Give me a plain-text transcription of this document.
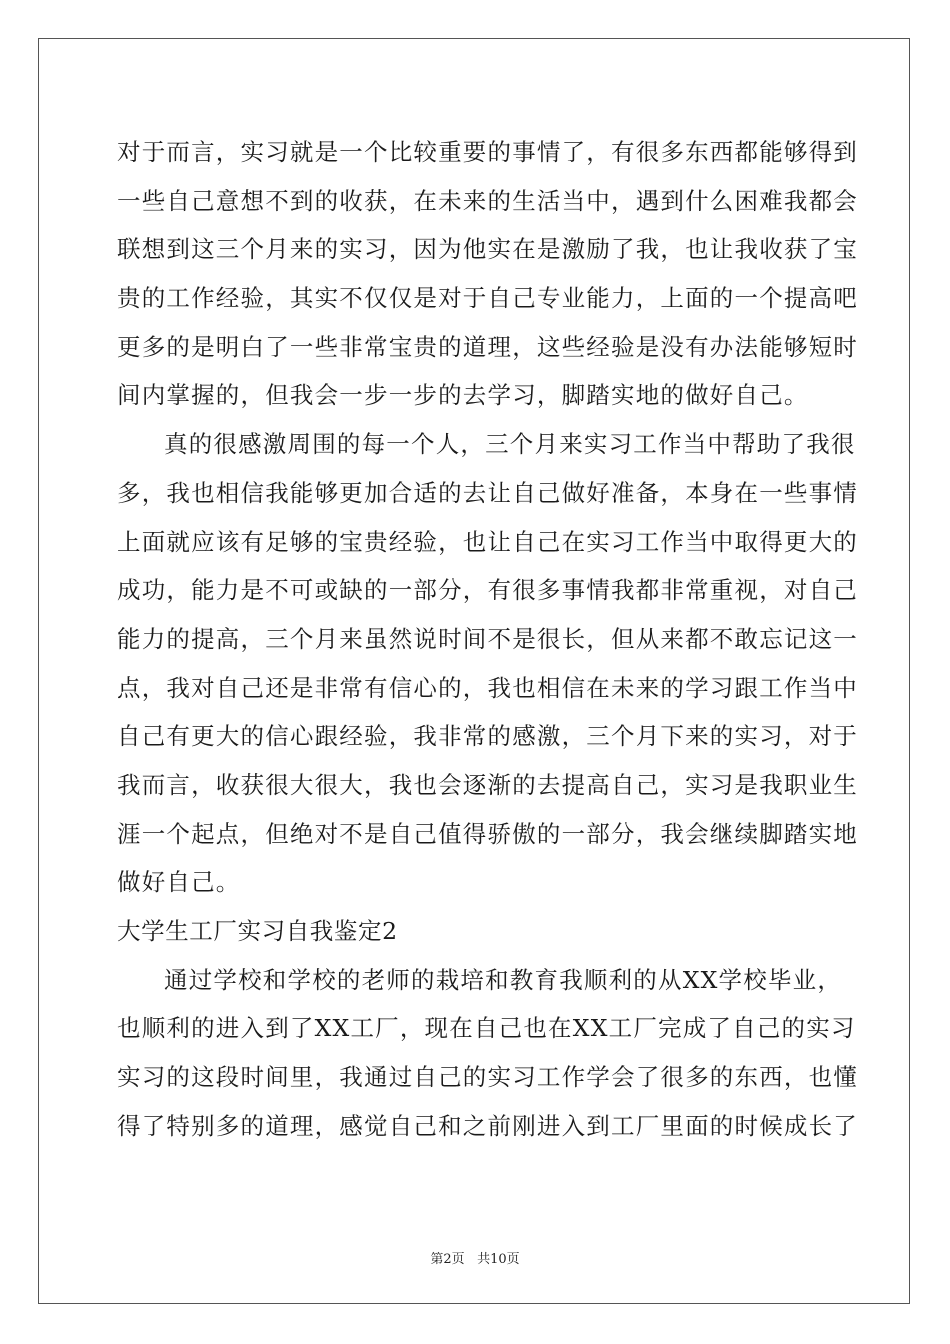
对于而言，实习就是一个比较重要的事情了，有很多东西都能够得到
一些自己意想不到的收获，在未来的生活当中，遇到什么困难我都会
联想到这三个月来的实习，因为他实在是激励了我，也让我收获了宝
贵的工作经验，其实不仅仅是对于自己专业能力，上面的一个提高吧
更多的是明白了一些非常宝贵的道理，这些经验是没有办法能够短时
间内掌握的，但我会一步一步的去学习，脚踏实地的做好自己。
真的很感激周围的每一个人，三个月来实习工作当中帮助了我很
多，我也相信我能够更加合适的去让自己做好准备，本身在一些事情
上面就应该有足够的宝贵经验，也让自己在实习工作当中取得更大的
成功，能力是不可或缺的一部分，有很多事情我都非常重视，对自己
能力的提高，三个月来虽然说时间不是很长，但从来都不敢忘记这一
点，我对自己还是非常有信心的，我也相信在未来的学习跟工作当中
自己有更大的信心跟经验，我非常的感激，三个月下来的实习，对于
我而言，收获很大很大，我也会逐渐的去提高自己，实习是我职业生
涯一个起点，但绝对不是自己值得骄傲的一部分，我会继续脚踏实地
做好自己。
大学生工厂实习自我鉴定2
通过学校和学校的老师的栽培和教育我顺利的从XX学校毕业，
也顺利的进入到了XX工厂，现在自己也在XX工厂完成了自己的实习
实习的这段时间里，我通过自己的实习工作学会了很多的东西，也懂
得了特别多的道理，感觉自己和之前刚进入到工厂里面的时候成长了
第2页 共10页
